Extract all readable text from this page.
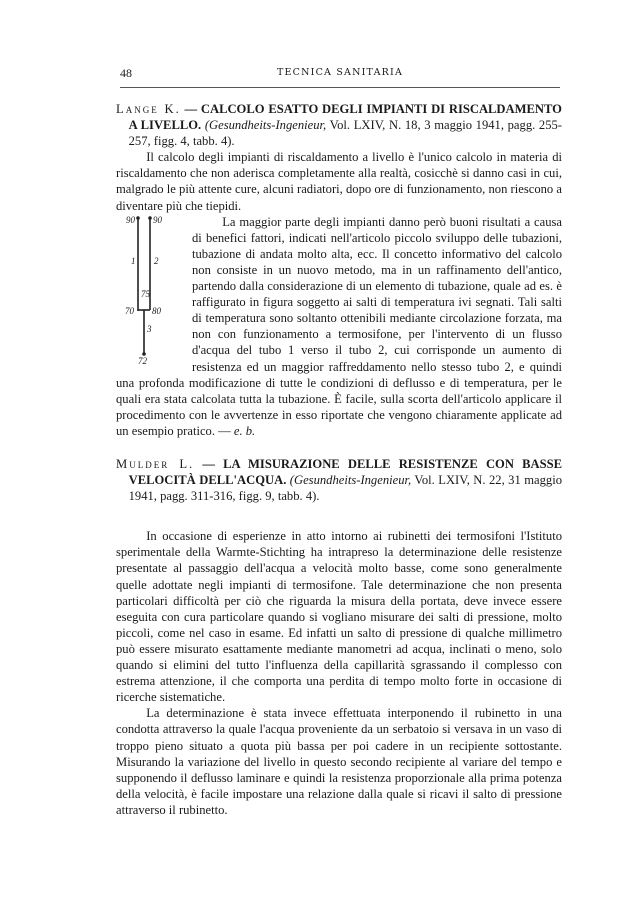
48	TECNICA SANITARIA

Lange K. — CALCOLO ESATTO DEGLI IMPIANTI DI RISCALDAMENTO A LIVELLO. (Gesundheits-Ingenieur, Vol. LXIV, N. 18, 3 maggio 1941, pagg. 255-257, figg. 4, tabb. 4).

Il calcolo degli impianti di riscaldamento a livello è l'unico calcolo in materia di riscaldamento che non aderisca completamente alla realtà, cosicchè si danno casi in cui, malgrado le più attente cure, alcuni radiatori, dopo ore di funzionamento, non riescono a diventare più che tiepidi.

90 90
1 2
75
70 80
3
72

La maggior parte degli impianti danno però buoni risultati a causa di benefici fattori, indicati nell'articolo piccolo sviluppo delle tubazioni, tubazione di andata molto alta, ecc. Il concetto informativo del calcolo non consiste in un nuovo metodo, ma in un raffinamento dell'antico, partendo dalla considerazione di un elemento di tubazione, quale ad es. è raffigurato in figura soggetto ai salti di temperatura ivi segnati. Tali salti di temperatura sono soltanto ottenibili mediante circolazione forzata, ma non con funzionamento a termosifone, per l'intervento di un flusso d'acqua del tubo 1 verso il tubo 2, cui corrisponde un aumento di resistenza ed un maggior raffreddamento nello stesso tubo 2, e quindi una profonda modificazione di tutte le condizioni di deflusso e di temperatura, per le quali era stata calcolata tutta la tubazione. È facile, sulla scorta dell'articolo applicare il procedimento con le avvertenze in esso riportate che vengono chiaramente applicate ad un esempio pratico. — e. b.

Mulder L. — LA MISURAZIONE DELLE RESISTENZE CON BASSE VELOCITÀ DELL'ACQUA. (Gesundheits-Ingenieur, Vol. LXIV, N. 22, 31 maggio 1941, pagg. 311-316, figg. 9, tabb. 4).

In occasione di esperienze in atto intorno ai rubinetti dei termosifoni l'Istituto sperimentale della Warmte-Stichting ha intrapreso la determinazione delle resistenze presentate al passaggio dell'acqua a velocità molto basse, come sono generalmente quelle adottate negli impianti di termosifone. Tale determinazione che non presenta particolari difficoltà per ciò che riguarda la misura della portata, deve invece essere eseguita con cura particolare quando si vogliano misurare dei salti di pressione, molto piccoli, come nel caso in esame. Ed infatti un salto di pressione di qualche millimetro può essere misurato esattamente mediante manometri ad acqua, inclinati o meno, solo quando si elimini del tutto l'influenza della capillarità sgrassando il complesso con estrema attenzione, il che comporta una perdita di tempo molto forte in occasione di ricerche sistematiche.

La determinazione è stata invece effettuata interponendo il rubinetto in una condotta attraverso la quale l'acqua proveniente da un serbatoio si versava in un vaso di troppo pieno situato a quota più bassa per poi cadere in un recipiente sottostante. Misurando la variazione del livello in questo secondo recipiente al variare del tempo e supponendo il deflusso laminare e quindi la resistenza proporzionale alla prima potenza della velocità, è facile impostare una relazione dalla quale si ricavi il salto di pressione attraverso il rubinetto.
